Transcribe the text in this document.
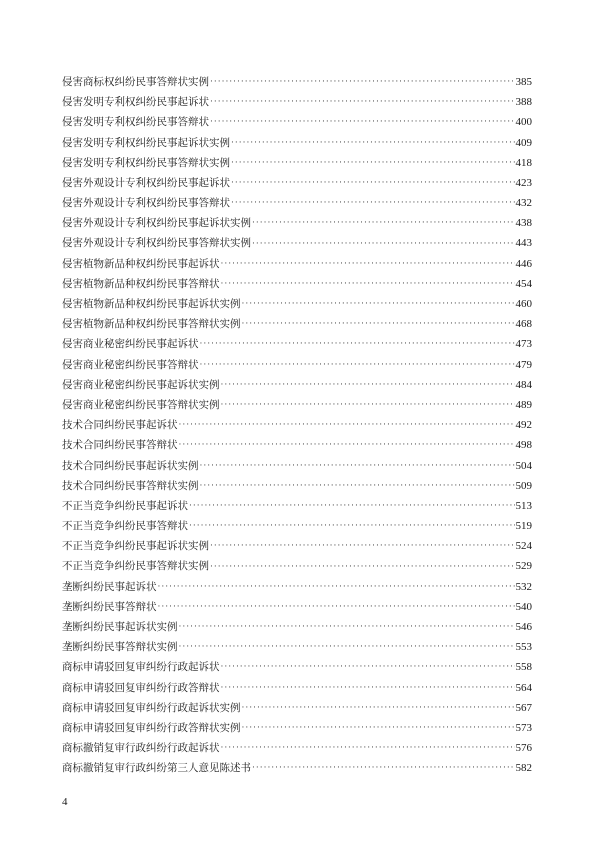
侵害商标权纠纷民事答辩状实例 ·····	385
侵害发明专利权纠纷民事起诉状 ·····	388
侵害发明专利权纠纷民事答辩状 ·····	400
侵害发明专利权纠纷民事起诉状实例 ·····	409
侵害发明专利权纠纷民事答辩状实例 ·····	418
侵害外观设计专利权纠纷民事起诉状 ·····	423
侵害外观设计专利权纠纷民事答辩状 ·····	432
侵害外观设计专利权纠纷民事起诉状实例 ·····	438
侵害外观设计专利权纠纷民事答辩状实例 ·····	443
侵害植物新品种权纠纷民事起诉状 ·····	446
侵害植物新品种权纠纷民事答辩状 ·····	454
侵害植物新品种权纠纷民事起诉状实例 ·····	460
侵害植物新品种权纠纷民事答辩状实例 ·····	468
侵害商业秘密纠纷民事起诉状 ·····	473
侵害商业秘密纠纷民事答辩状 ·····	479
侵害商业秘密纠纷民事起诉状实例 ·····	484
侵害商业秘密纠纷民事答辩状实例 ·····	489
技术合同纠纷民事起诉状 ·····	492
技术合同纠纷民事答辩状 ·····	498
技术合同纠纷民事起诉状实例 ·····	504
技术合同纠纷民事答辩状实例 ·····	509
不正当竞争纠纷民事起诉状 ·····	513
不正当竞争纠纷民事答辩状 ·····	519
不正当竞争纠纷民事起诉状实例 ·····	524
不正当竞争纠纷民事答辩状实例 ·····	529
垄断纠纷民事起诉状 ·····	532
垄断纠纷民事答辩状 ·····	540
垄断纠纷民事起诉状实例 ·····	546
垄断纠纷民事答辩状实例 ·····	553
商标申请驳回复审纠纷行政起诉状 ·····	558
商标申请驳回复审纠纷行政答辩状 ·····	564
商标申请驳回复审纠纷行政起诉状实例 ·····	567
商标申请驳回复审纠纷行政答辩状实例 ·····	573
商标撤销复审行政纠纷行政起诉状 ·····	576
商标撤销复审行政纠纷第三人意见陈述书 ·····	582
4
